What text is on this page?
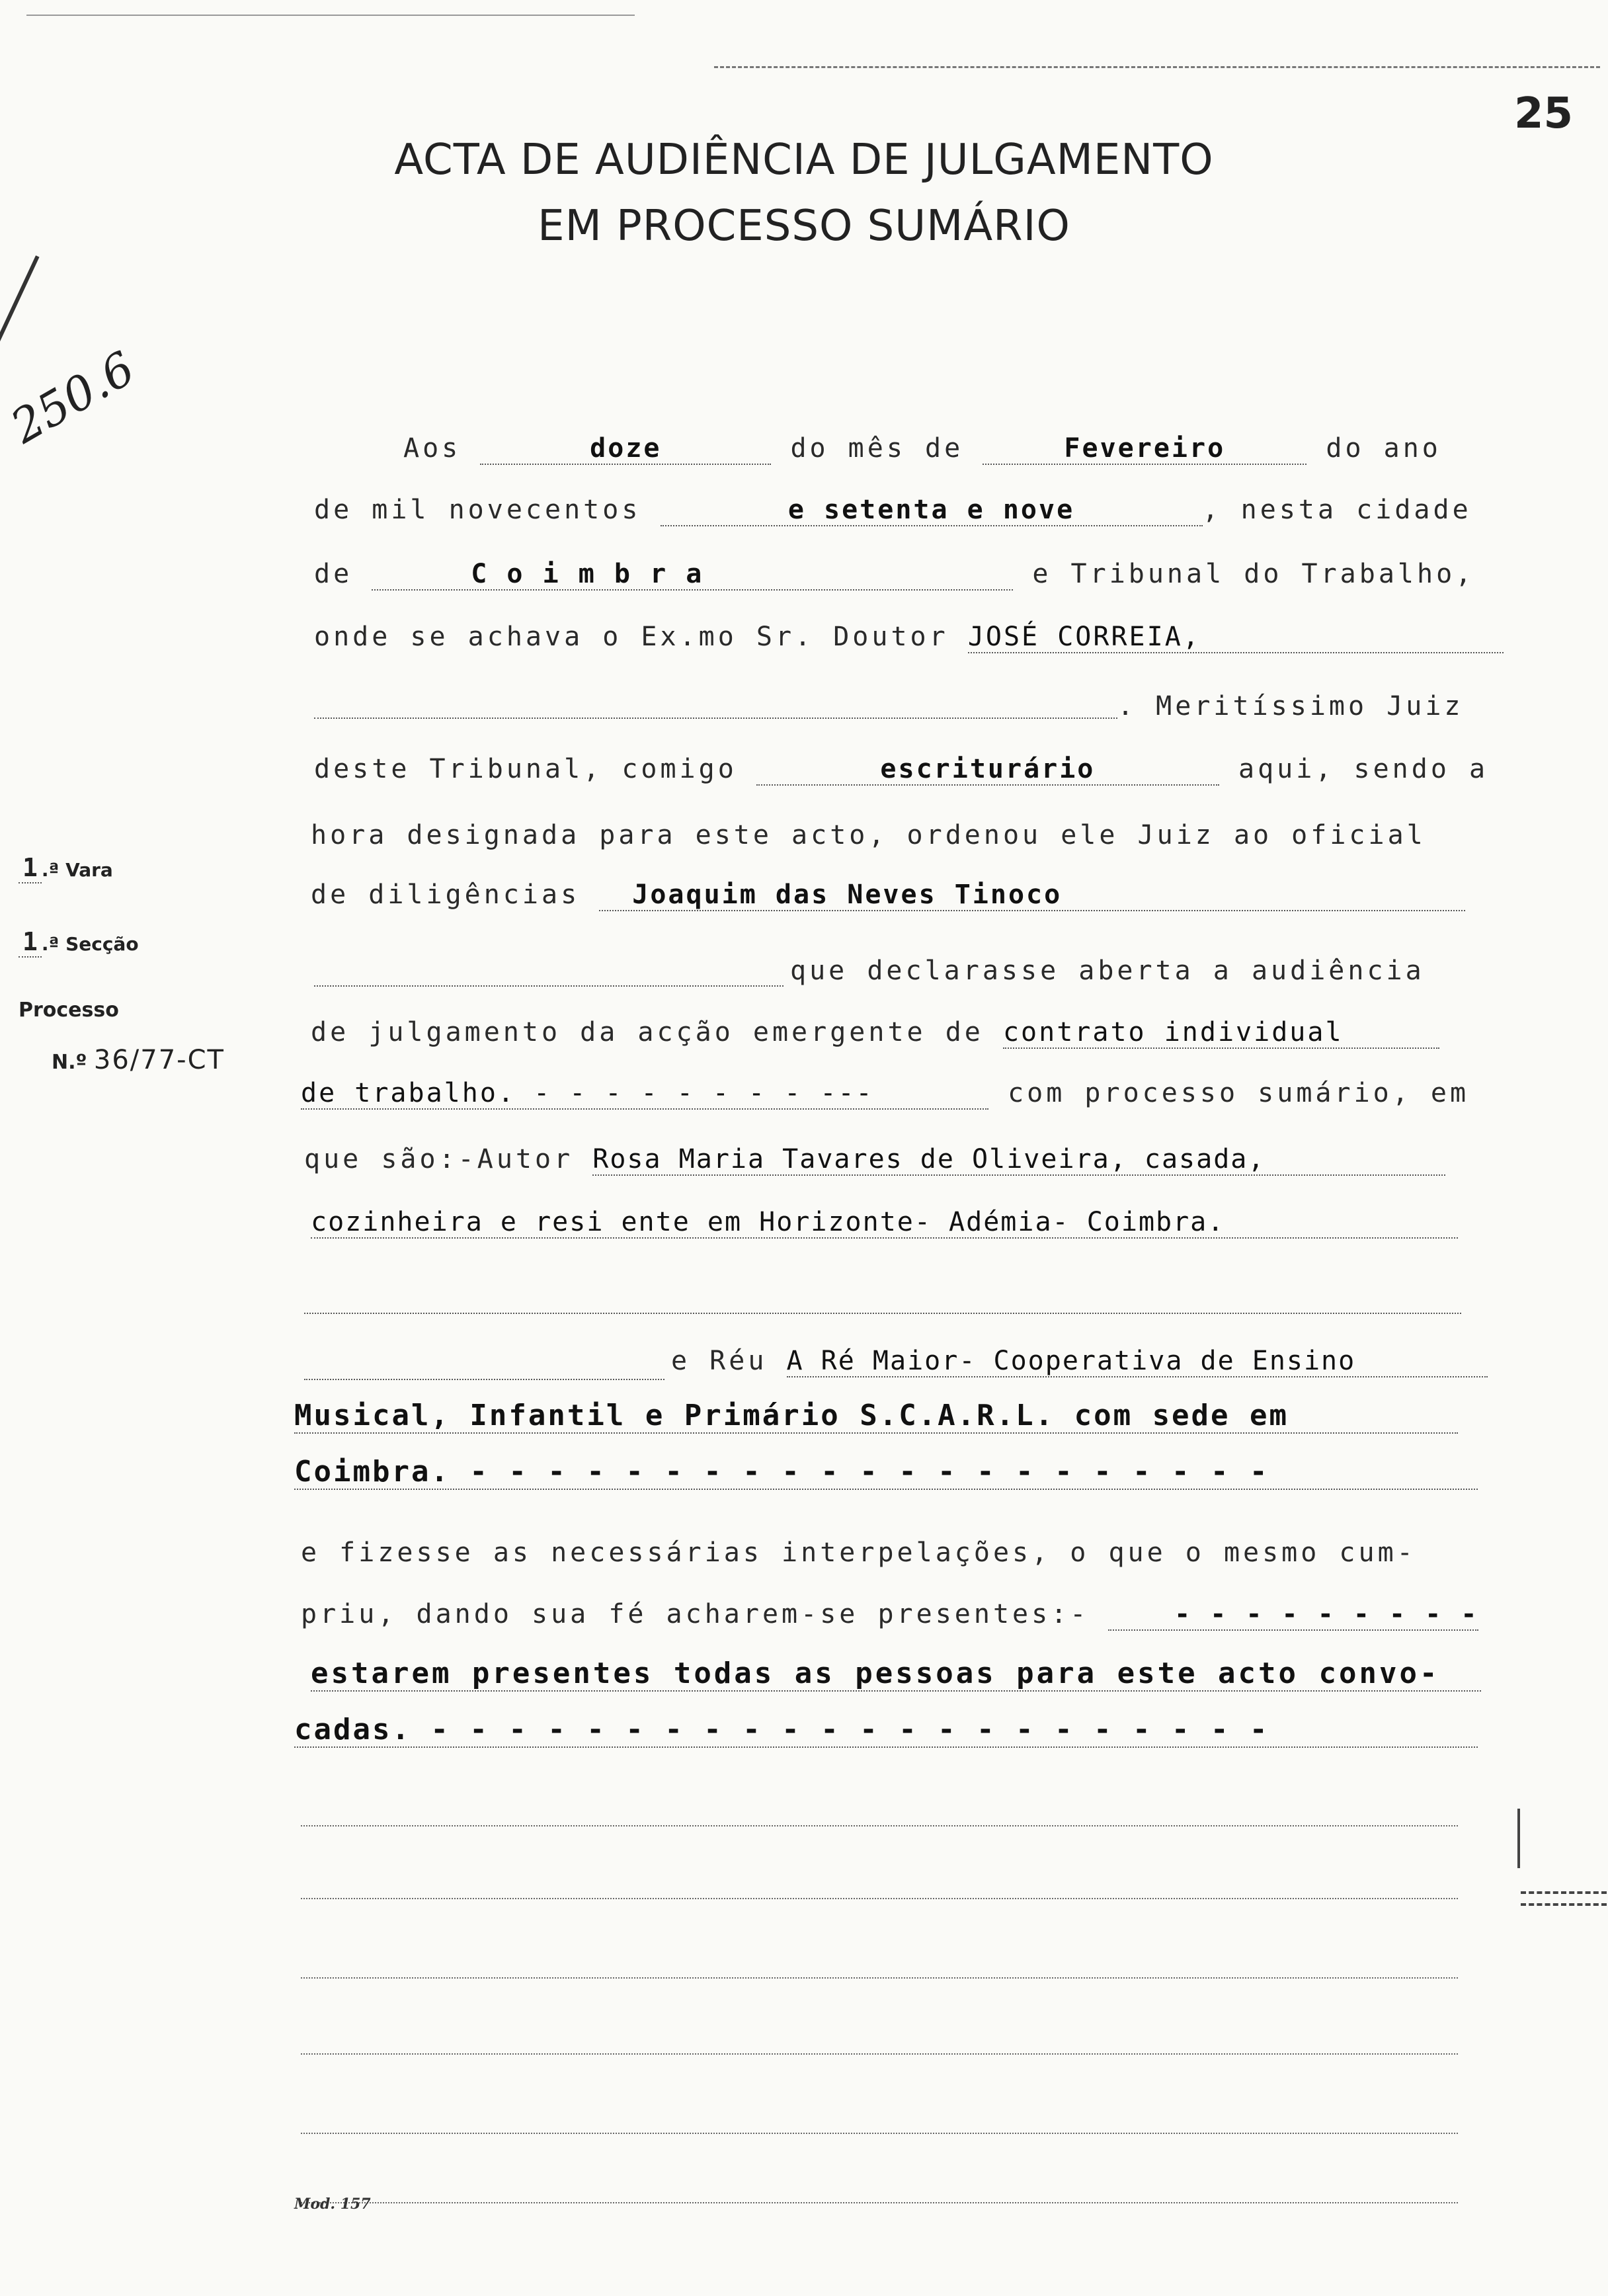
ACTA DE AUDIÊNCIA DE JULGAMENTO
EM PROCESSO SUMÁRIO
25
250.6
1 .ª Vara
1 .ª Secção
Processo
N.º 36/77-CT
Aos	doze	do mês de	Fevereiro	do ano
de mil novecentos	e setenta e nove	, nesta cidade
de	C o i m b r a	e Tribunal do Trabalho,
onde se achava o Ex.mo Sr. Doutor JOSÉ CORREIA,
. Meritíssimo Juiz
deste Tribunal, comigo	escriturário	aqui, sendo a
hora designada para este acto, ordenou ele Juiz ao oficial
de diligências Joaquim das Neves Tinoco
que declarasse aberta a audiência
de julgamento da acção emergente de contrato individual
de trabalho. - - - - - - - - ---	com processo sumário, em
que são:-Autor Rosa Maria Tavares de Oliveira, casada,
cozinheira e resi ente em Horizonte- Adémia- Coimbra.
e Réu A Ré Maior- Cooperativa de Ensino
Musical, Infantil e Primário S.C.A.R.L. com sede em
Coimbra. - - - - - - - - - - - - - - - - - - - - -
e fizesse as necessárias interpelações, o que o mesmo cum-
priu, dando sua fé acharem-se presentes:-	- - - - - - - - -
estarem presentes todas as pessoas para este acto convo-
cadas. - - - - - - - - - - - - - - - - - - - - - -
Mod. 157
